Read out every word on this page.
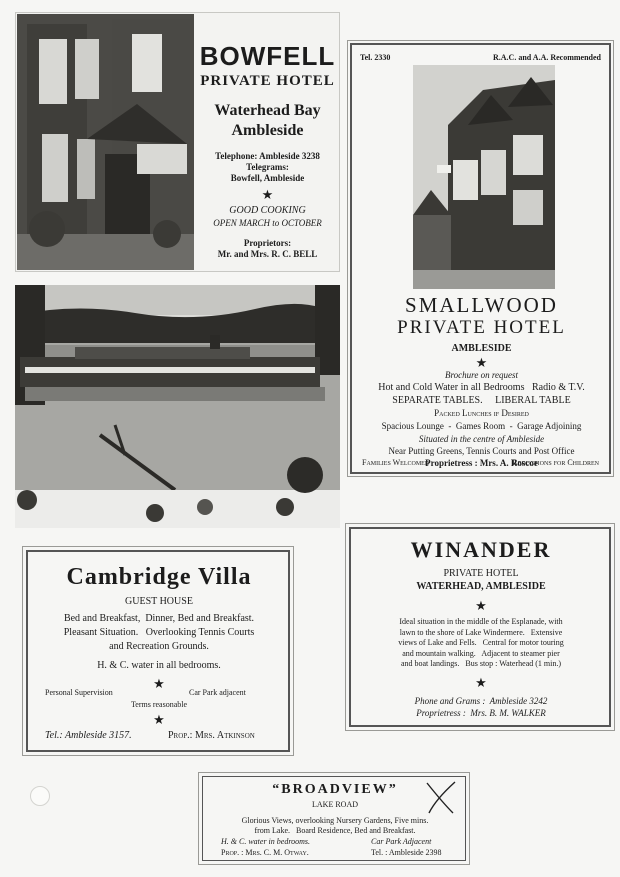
BOWFELL
PRIVATE HOTEL
Waterhead Bay
Ambleside
Telephone: Ambleside 3238
Telegrams:
Bowfell, Ambleside
★
GOOD COOKING
OPEN MARCH to OCTOBER
Proprietors:
Mr. and Mrs. R. C. BELL
Tel. 2330	R.A.C. and A.A. Recommended
SMALLWOOD
PRIVATE HOTEL
AMBLESIDE
★
Brochure on request
Hot and Cold Water in all Bedrooms   Radio & T.V.
SEPARATE TABLES.     LIBERAL TABLE
Packed Lunches if Desired
Spacious Lounge  -  Games Room  -  Garage Adjoining
Situated in the centre of Ambleside
Near Putting Greens, Tennis Courts and Post Office
Proprietress : Mrs. A. Roscoe
Families Welcomed	Reductions for Children
Cambridge Villa
GUEST HOUSE
Bed and Breakfast,  Dinner, Bed and Breakfast.
Pleasant Situation.   Overlooking Tennis Courts
and Recreation Grounds.
H. & C. water in all bedrooms.
★
Personal Supervision	Car Park adjacent
Terms reasonable
★
Tel.: Ambleside 3157.	Prop.: Mrs. Atkinson
WINANDER
PRIVATE HOTEL
WATERHEAD, AMBLESIDE
★
Ideal situation in the middle of the Esplanade, with
lawn to the shore of Lake Windermere.   Extensive
views of Lake and Fells.   Central for motor touring
and mountain walking.   Adjacent to steamer pier
and boat landings.   Bus stop : Waterhead (1 min.)
★
Phone and Grams :  Ambleside 3242
Proprietress :  Mrs. B. M. WALKER
“BROADVIEW”
LAKE ROAD
Glorious Views, overlooking Nursery Gardens, Five mins.
from Lake.   Board Residence, Bed and Breakfast.
H. & C. water in bedrooms.	Car Park Adjacent
Prop. : Mrs. C. M. Otway.	Tel. : Ambleside 2398
